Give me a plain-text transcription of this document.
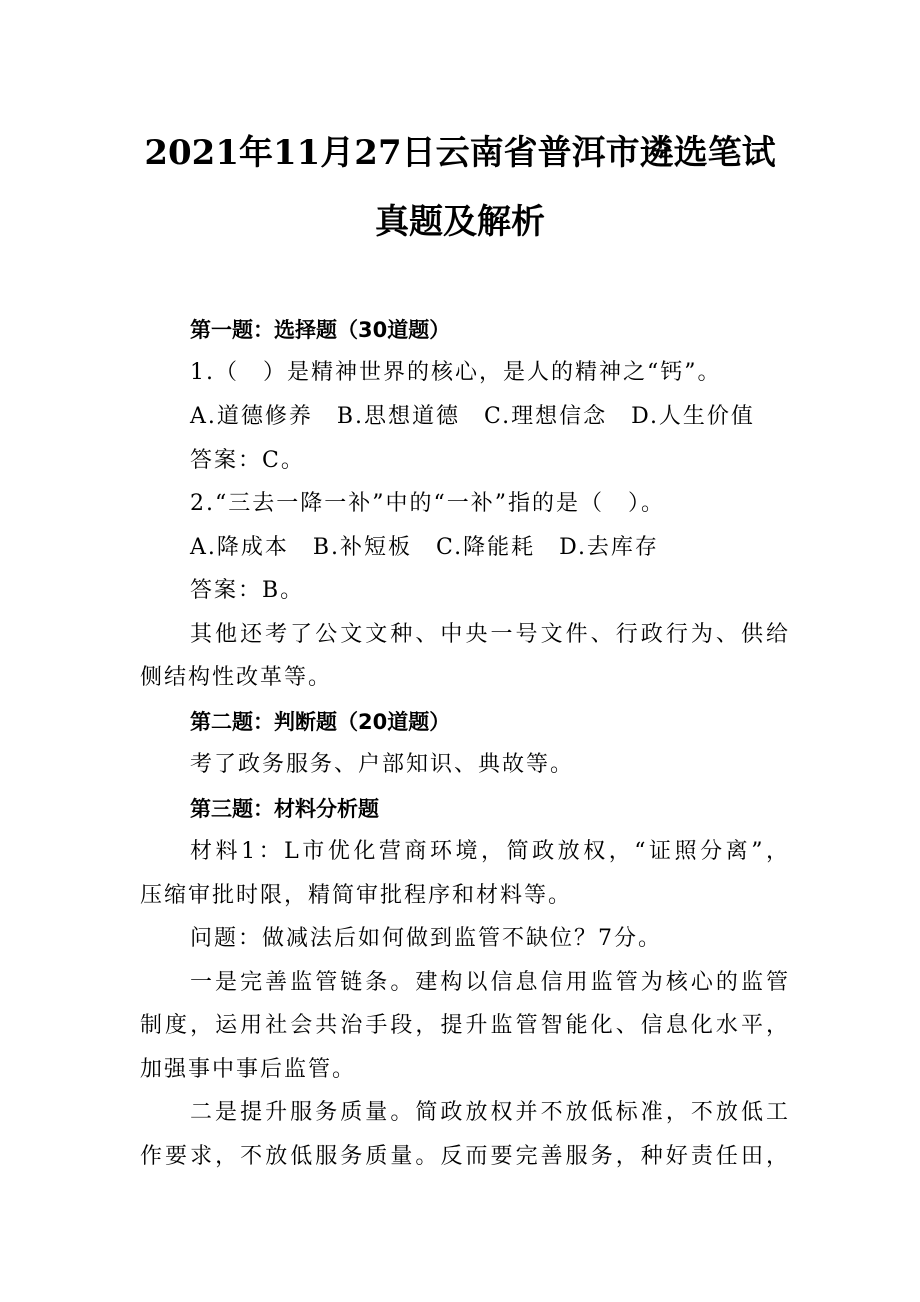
2021年11月27日云南省普洱市遴选笔试
真题及解析
第一题：选择题（30道题）
1.（　）是精神世界的核心，是人的精神之“钙”。
A.道德修养　B.思想道德　C.理想信念　D.人生价值
答案：C。
2.“三去一降一补”中的“一补”指的是（　）。
A.降成本　B.补短板　C.降能耗　D.去库存
答案：B。
其他还考了公文文种、中央一号文件、行政行为、供给
侧结构性改革等。
第二题：判断题（20道题）
考了政务服务、户部知识、典故等。
第三题：材料分析题
材料1：L市优化营商环境，简政放权，“证照分离”，
压缩审批时限，精简审批程序和材料等。
问题：做减法后如何做到监管不缺位？7分。
一是完善监管链条。建构以信息信用监管为核心的监管
制度，运用社会共治手段，提升监管智能化、信息化水平，
加强事中事后监管。
二是提升服务质量。简政放权并不放低标准，不放低工
作要求，不放低服务质量。反而要完善服务，种好责任田，
